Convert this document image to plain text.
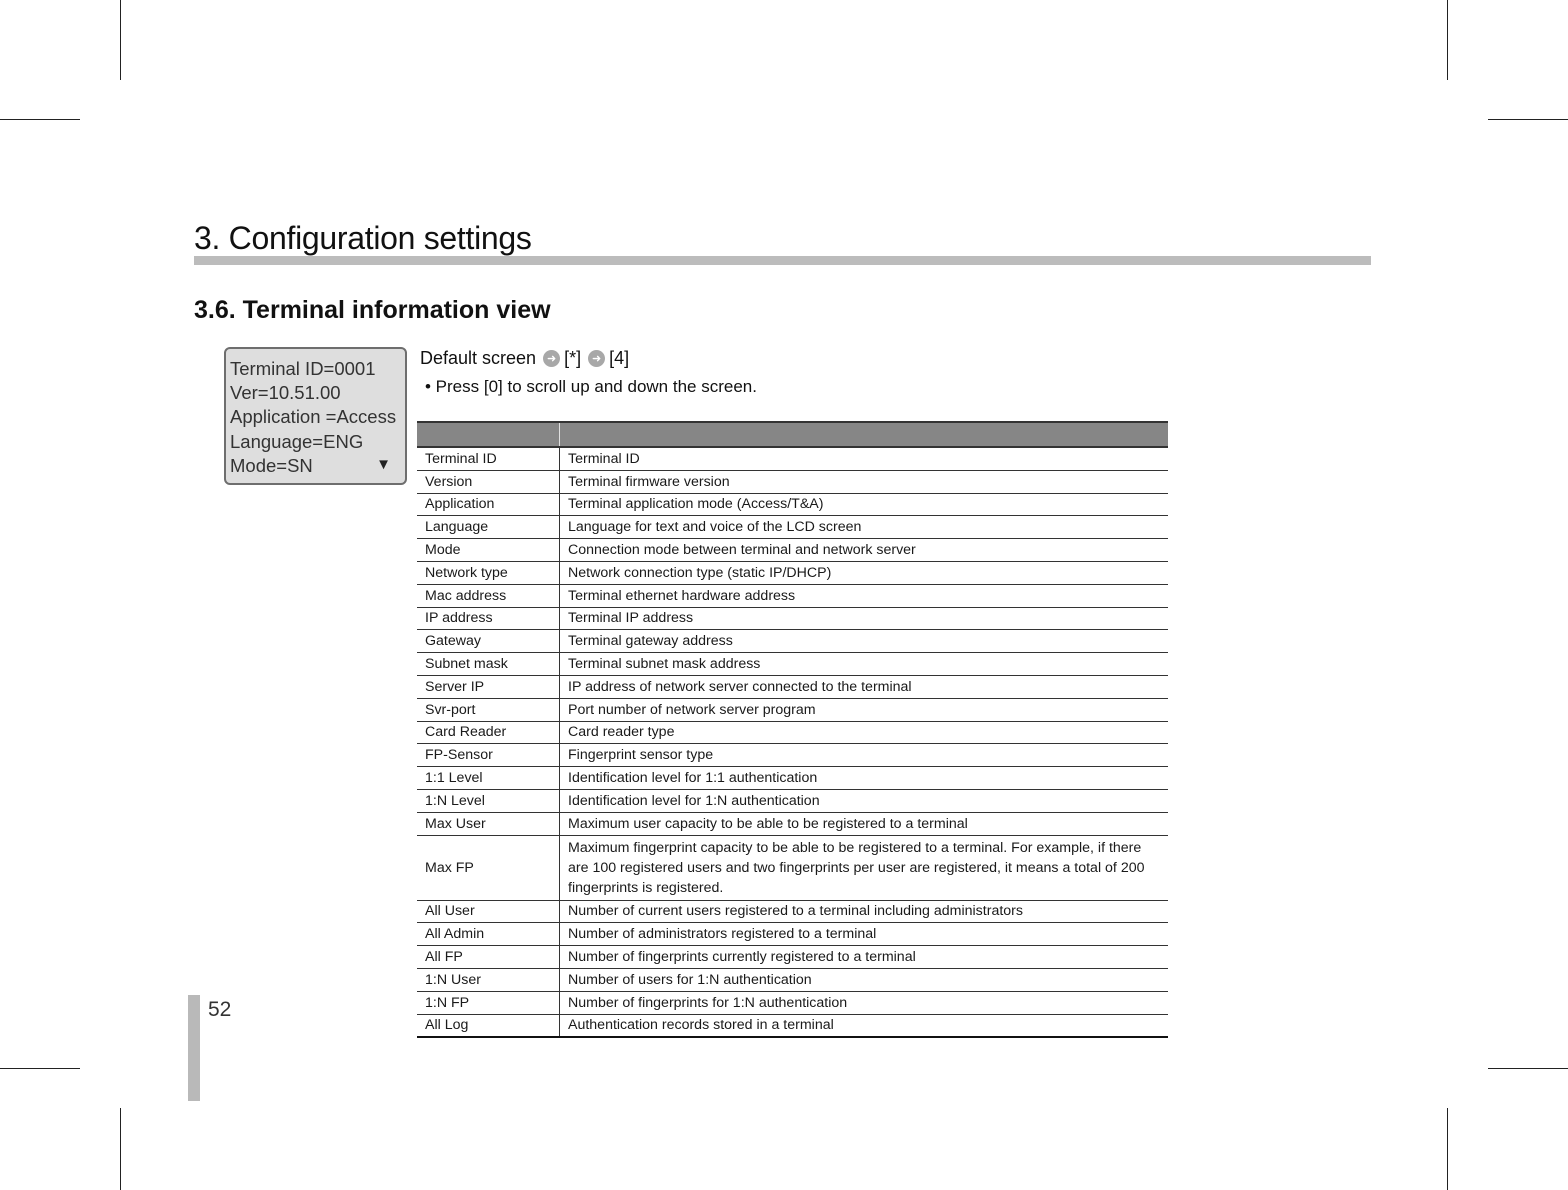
3. Configuration settings
3.6. Terminal information view
Terminal ID=0001
Ver=10.51.00
Application =Access
Language=ENG
Mode=SN	▼
Default screen ➜ [*] ➜ [4]
• Press [0] to scroll up and down the screen.

Terminal ID	Terminal ID
Version	Terminal firmware version
Application	Terminal application mode (Access/T&A)
Language	Language for text and voice of the LCD screen
Mode	Connection mode between terminal and network server
Network type	Network connection type (static IP/DHCP)
Mac address	Terminal ethernet hardware address
IP address	Terminal IP address
Gateway	Terminal gateway address
Subnet mask	Terminal subnet mask address
Server IP	IP address of network server connected to the terminal
Svr-port	Port number of network server program
Card Reader	Card reader type
FP-Sensor	Fingerprint sensor type
1:1 Level	Identification level for 1:1 authentication
1:N Level	Identification level for 1:N authentication
Max User	Maximum user capacity to be able to be registered to a terminal
Max FP	Maximum fingerprint capacity to be able to be registered to a terminal. For example, if there are 100 registered users and two fingerprints per user are registered, it means a total of 200 fingerprints is registered.
All User	Number of current users registered to a terminal including administrators
All Admin	Number of administrators registered to a terminal
All FP	Number of fingerprints currently registered to a terminal
1:N User	Number of users for 1:N authentication
1:N FP	Number of fingerprints for 1:N authentication
All Log	Authentication records stored in a terminal
52
